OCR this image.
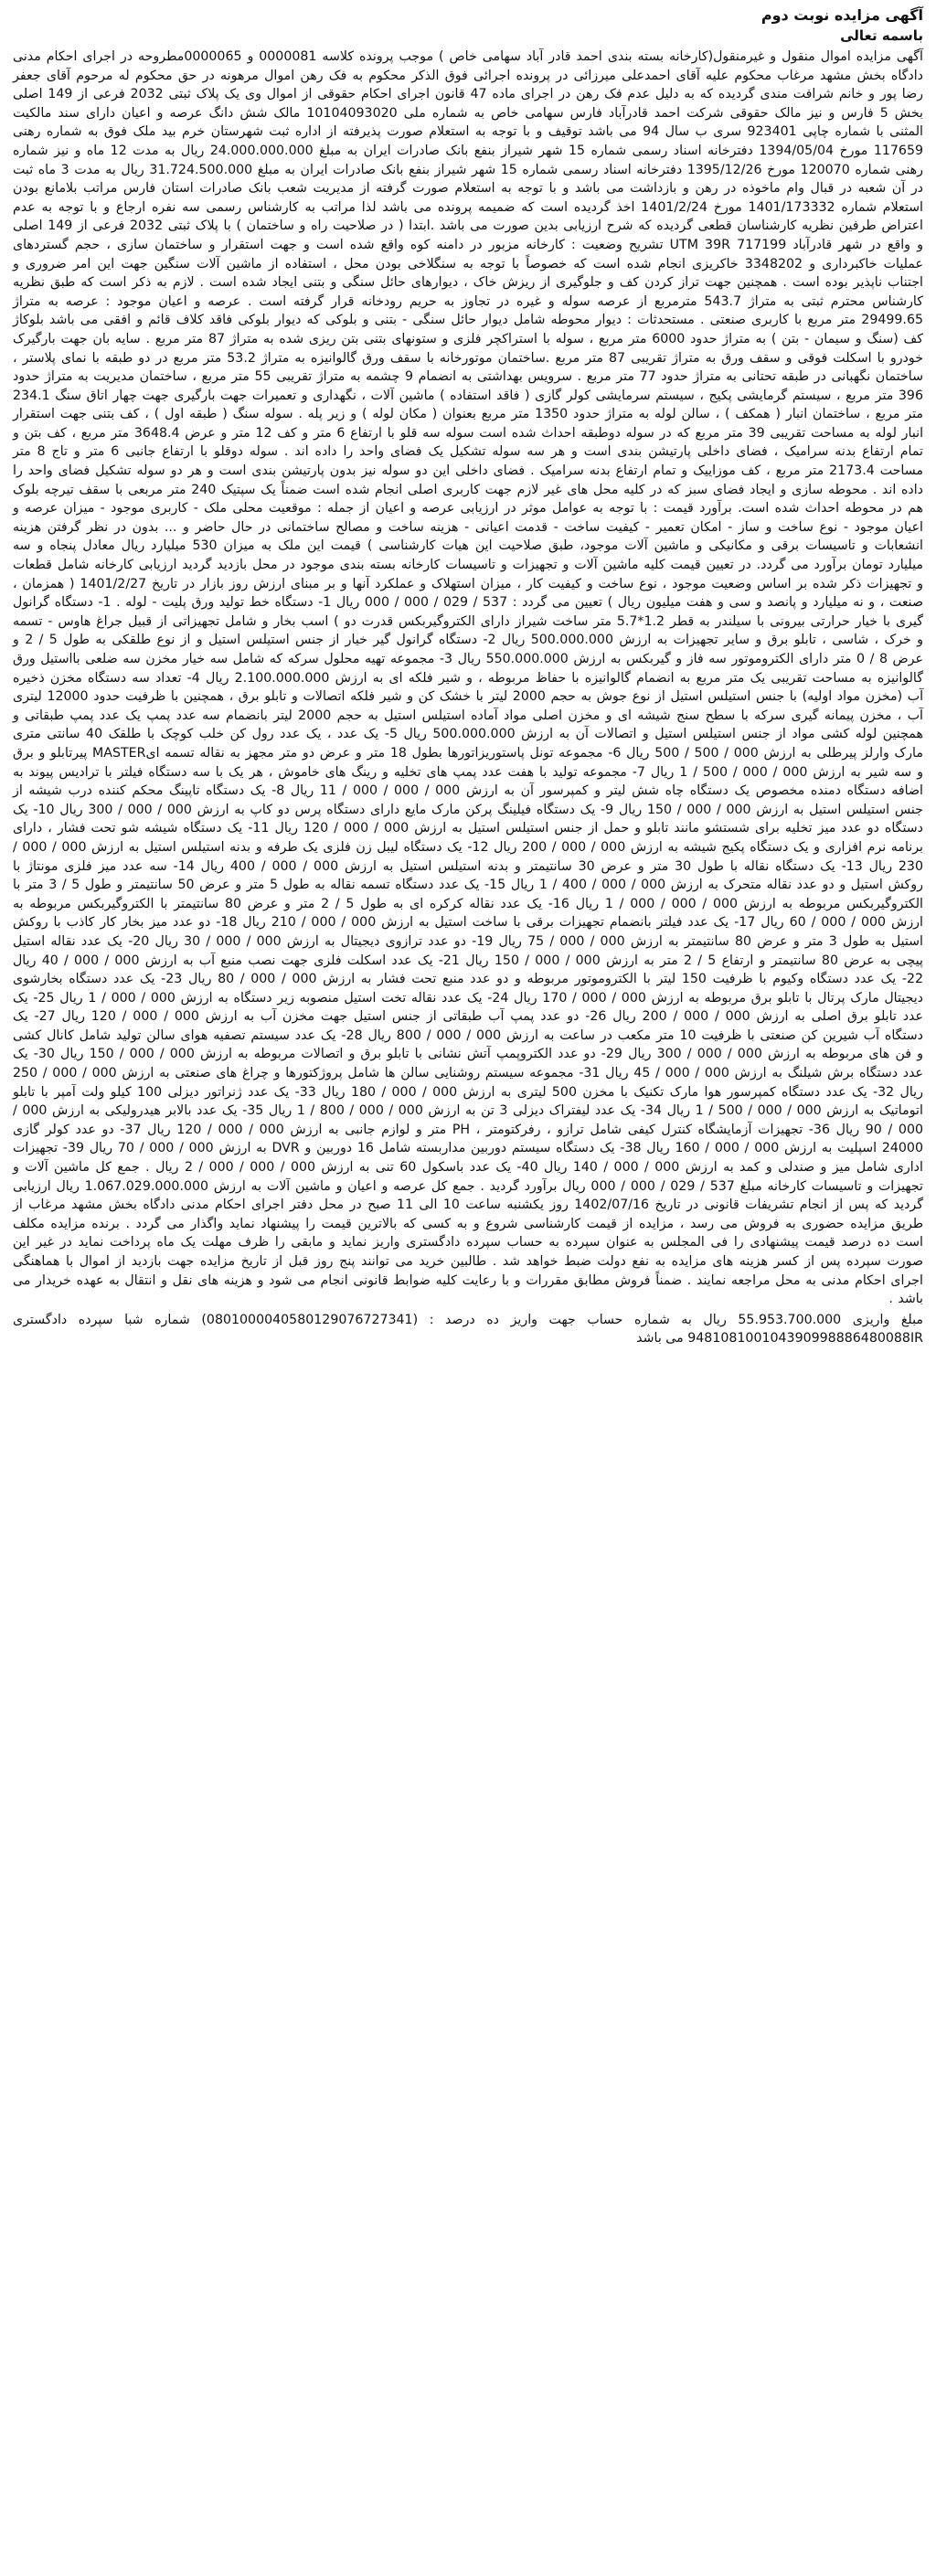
آگهی مزایده نوبت دوم

باسمه تعالی

آگهی مزایده اموال منقول و غیرمنقول(کارخانه بسته بندی احمد قادر آباد سهامی خاص ) موجب پرونده کلاسه 0000081 و 0000065مطروحه در اجرای احکام مدنی دادگاه بخش مشهد مرغاب محکوم علیه آقای احمدعلی میرزائی در پرونده اجرائی فوق الذکر محکوم به فک رهن اموال مرهونه در حق محکوم له مرحوم آقای جعفر رضا پور و خانم شرافت مندی گردیده که به دلیل عدم فک رهن در اجرای ماده 47 قانون اجرای احکام حقوقی از اموال وی یک پلاک ثبتی 2032 فرعی از 149 اصلی بخش 5 فارس و نیز مالک حقوقی شرکت احمد قادرآباد فارس سهامی خاص به شماره ملی 10104093020 مالک شش دانگ عرصه و اعیان دارای سند مالکیت المثنی با شماره چاپی 923401 سری ب سال 94 می باشد توقیف و با توجه به استعلام صورت پذیرفته از اداره ثبت شهرستان خرم بید ملک فوق به شماره رهنی 117659 مورخ 1394/05/04 دفترخانه اسناد رسمی شماره 15 شهر شیراز بنفع بانک صادرات ایران به مبلغ 24.000.000.000 ریال به مدت 12 ماه و نیز شماره رهنی شماره 120070 مورخ 1395/12/26 دفترخانه اسناد رسمی شماره 15 شهر شیراز بنفع بانک صادرات ایران به مبلغ 31.724.500.000 ریال به مدت 3 ماه ثبت در آن شعبه در قبال وام ماخوذه در رهن و بازداشت می باشد و با توجه به استعلام صورت گرفته از مدیریت شعب بانک صادرات استان فارس مراتب بلامانع بودن استعلام شماره 1401/173332 مورخ 1401/2/24 اخذ گردیده است که ضمیمه پرونده می باشد لذا مراتب به کارشناس رسمی سه نفره ارجاع و با توجه به عدم اعتراض طرفین نظریه کارشناسان قطعی گردیده که شرح ارزیابی بدین صورت می باشد .ابتدا ( در صلاحیت راه و ساختمان ) با پلاک ثبتی 2032 فرعی از 149 اصلی و واقع در شهر قادرآباد UTM 39R 717199 تشریح وضعیت : کارخانه مزبور در دامنه کوه واقع شده است و جهت استقرار و ساختمان سازی ، حجم گستردهای عملیات خاکبرداری و 3348202 خاکریزی انجام شده است که خصوصاً با توجه به سنگلاخی بودن محل ، استفاده از ماشین آلات سنگین جهت این امر ضروری و اجتناب ناپذیر بوده است . همچنین جهت تراز کردن کف و جلوگیری از ریزش خاک ، دیوارهای حائل سنگی و بتنی ایجاد شده است . لازم به ذکر است که طبق نظریه کارشناس محترم ثبتی به متراژ 543.7 مترمربع از عرصه سوله و غیره در تجاوز به حریم رودخانه قرار گرفته است . عرصه و اعیان موجود : عرصه به متراژ 29499.65 متر مربع با کاربری صنعتی . مستحدثات : دیوار محوطه شامل دیوار حائل سنگی - بتنی و بلوکی که دیوار بلوکی فاقد کلاف قائم و افقی می باشد بلوکاژ کف (سنگ و سیمان - بتن ) به متراژ حدود 6000 متر مربع ، سوله با استراکچر فلزی و ستونهای بتنی بتن ریزی شده به متراژ 87 متر مربع . سایه بان جهت بارگیرک خودرو با اسکلت فوقی و سقف ورق به متراژ تقریبی 87 متر مربع .ساختمان موتورخانه با سقف ورق گالوانیزه به متراژ 53.2 متر مربع در دو طبقه با نمای پلاستر ، ساختمان نگهبانی در طبقه تحتانی به متراژ حدود 77 متر مربع . سرویس بهداشتی به انضمام 9 چشمه به متراژ تقریبی 55 متر مربع ، ساختمان مدیریت به متراژ حدود 396 متر مربع ، سیستم گرمایشی پکیج ، سیستم سرمایشی کولر گازی ( فاقد استفاده ) ماشین آلات ، نگهداری و تعمیرات جهت بارگیری جهت چهار اتاق سنگ 234.1 متر مربع ، ساختمان انبار ( همکف ) ، سالن لوله به متراژ حدود 1350 متر مربع بعنوان ( مکان لوله ) و زیر پله . سوله سنگ ( طبقه اول ) ، کف بتنی جهت استقرار انبار لوله به مساحت تقریبی 39 متر مربع که در سوله دوطبقه احداث شده است سوله سه قلو با ارتفاع 6 متر و کف 12 متر و عرض 3648.4 متر مربع ، کف بتن و تمام ارتفاع بدنه سرامیک ، فضای داخلی پارتیشن بندی است و هر سه سوله تشکیل یک فضای واحد را داده اند . سوله دوقلو با ارتفاع جانبی 6 متر و تاج 8 متر مساحت 2173.4 متر مربع ، کف موزاییک و تمام ارتفاع بدنه سرامیک . فضای داخلی این دو سوله نیز بدون پارتیشن بندی است و هر دو سوله تشکیل فضای واحد را داده اند . محوطه سازی و ایجاد فضای سبز که در کلیه محل های غیر لازم جهت کاربری اصلی انجام شده است ضمناً یک سپتیک 240 متر مربعی با سقف تیرچه بلوک هم در محوطه احداث شده است. برآورد قیمت : با توجه به عوامل موثر در ارزیابی عرصه و اعیان از جمله : موقعیت محلی ملک - کاربری موجود - میزان عرصه و اعیان موجود - نوع ساخت و ساز - امکان تعمیر - کیفیت ساخت - قدمت اعیانی - هزینه ساخت و مصالح ساختمانی در حال حاضر و ... بدون در نظر گرفتن هزینه انشعابات و تاسیسات برقی و مکانیکی و ماشین آلات موجود، طبق صلاحیت این هیات کارشناسی ) قیمت این ملک به میزان 530 میلیارد ریال معادل پنجاه و سه میلیارد تومان برآورد می گردد. در تعیین قیمت کلیه ماشین آلات و تجهیزات و تاسیسات کارخانه بسته بندی موجود در محل بازدید گردید ارزیابی کارخانه شامل قطعات و تجهیزات ذکر شده بر اساس وضعیت موجود ، نوع ساخت و کیفیت کار ، میزان استهلاک و عملکرد آنها و بر مبنای ارزش روز بازار در تاریخ 1401/2/27 ( همزمان ، صنعت ، و نه میلیارد و پانصد و سی و هفت میلیون ریال ) تعیین می گردد : 537 / 029 / 000 / 000 ریال 1- دستگاه خط تولید ورق پلیت - لوله . 1- دستگاه گرانول گیری با خیار حرارتی بیرونی با سیلندر به قطر 1.2*5.7 متر ساخت شیراز دارای الکتروگیربکس قدرت دو ) اسب بخار و شامل تجهیزاتی از قبیل جراغ هاوس - تسمه و خرک ، شاسی ، تابلو برق و سایر تجهیزات به ارزش 500.000.000 ریال 2- دستگاه گرانول گیر خیار از جنس استیلس استیل و از نوع طلقکی به طول 5 / 2 و عرض 8 / 0 متر دارای الکتروموتور سه فاز و گیربکس به ارزش 550.000.000 ریال 3- مجموعه تهیه محلول سرکه که شامل سه خیار مخزن سه ضلعی بااستیل ورق گالوانیزه به مساحت تقریبی یک متر مربع به انضمام گالوانیزه با حفاظ مربوطه ، و شیر فلکه ای به ارزش 2.100.000.000 ریال 4- تعداد سه دستگاه مخزن ذخیره آب (مخزن مواد اولیه) با جنس استیلس استیل از نوع جوش به حجم 2000 لیتر با خشک کن و شیر فلکه اتصالات و تابلو برق ، همچنین با ظرفیت حدود 12000 لیتری آب ، مخزن پیمانه گیری سرکه با سطح سنج شیشه ای و مخزن اصلی مواد آماده استیلس استیل به حجم 2000 لیتر بانضمام سه عدد پمپ یک عدد پمپ طبقاتی و همچنین لوله کشی مواد از جنس استیلس استیل و اتصالات آن به ارزش 500.000.000 ریال 5- یک عدد ، یک عدد رول کن خلب کوچک با طلقک 40 سانتی متری مارک وارلز پیرطلی به ارزش 000 / 500 / 500 ریال 6- مجموعه تونل پاستوریزاتورها بطول 18 متر و عرض دو متر مجهز به نقاله تسمه ایMASTER پیرتابلو و برق و سه شیر به ارزش 000 / 000 / 500 / 1 ریال 7- مجموعه تولید با هفت عدد پمپ های تخلیه و رینگ های خاموش ، هر یک با سه دستگاه فیلتر با ترادیس پیوند به اضافه دستگاه دمنده مخصوص یک دستگاه چاه شش لیتر و کمپرسور آن به ارزش 000 / 000 / 000 / 11 ریال 8- یک دستگاه تاپینگ محکم کننده درب شیشه از جنس استیلس استیل به ارزش 000 / 000 / 150 ریال 9- یک دستگاه فیلینگ پرکن مارک مایع دارای دستگاه پرس دو کاپ به ارزش 000 / 000 / 300 ریال 10- یک دستگاه دو عدد میز تخلیه برای شستشو مانند تابلو و حمل از جنس استیلس استیل به ارزش 000 / 000 / 120 ریال 11- یک دستگاه شیشه شو تحت فشار ، دارای برنامه نرم افزاری و یک دستگاه پکیج شیشه به ارزش 000 / 000 / 200 ریال 12- یک دستگاه لیبل زن فلزی یک طرفه و بدنه استیلس استیل به ارزش 000 / 000 / 230 ریال 13- یک دستگاه نقاله با طول 30 متر و عرض 30 سانتیمتر و بدنه استیلس استیل به ارزش 000 / 000 / 400 ریال 14- سه عدد میز فلزی مونتاژ با روکش استیل و دو عدد نقاله متحرک به ارزش 000 / 000 / 400 / 1 ریال 15- یک عدد دستگاه تسمه نقاله به طول 5 متر و عرض 50 سانتیمتر و طول 5 / 3 متر با الکتروگیربکس مربوطه به ارزش 000 / 000 / 000 / 1 ریال 16- یک عدد نقاله کرکره ای به طول 5 / 2 متر و عرض 80 سانتیمتر با الکتروگیربکس مربوطه به ارزش 000 / 000 / 60 ریال 17- یک عدد فیلتر بانضمام تجهیزات برقی با ساخت استیل به ارزش 000 / 000 / 210 ریال 18- دو عدد میز بخار کار کاذب با روکش استیل به طول 3 متر و عرض 80 سانتیمتر به ارزش 000 / 000 / 75 ریال 19- دو عدد ترازوی دیجیتال به ارزش 000 / 000 / 30 ریال 20- یک عدد نقاله استیل پیچی به عرض 80 سانتیمتر و ارتفاع 5 / 2 متر به ارزش 000 / 000 / 150 ریال 21- یک عدد اسکلت فلزی جهت نصب منبع آب به ارزش 000 / 000 / 40 ریال 22- یک عدد دستگاه وکیوم با ظرفیت 150 لیتر با الکتروموتور مربوطه و دو عدد منبع تحت فشار به ارزش 000 / 000 / 80 ریال 23- یک عدد دستگاه بخارشوی دیجیتال مارک پرتال با تابلو برق مربوطه به ارزش 000 / 000 / 170 ریال 24- یک عدد نقاله تخت استیل منصوبه زیر دستگاه به ارزش 000 / 000 / 1 ریال 25- یک عدد تابلو برق اصلی به ارزش 000 / 000 / 200 ریال 26- دو عدد پمپ آب طبقاتی از جنس استیل جهت مخزن آب به ارزش 000 / 000 / 120 ریال 27- یک دستگاه آب شیرین کن صنعتی با ظرفیت 10 متر مکعب در ساعت به ارزش 000 / 000 / 800 ریال 28- یک عدد سیستم تصفیه هوای سالن تولید شامل کانال کشی و فن های مربوطه به ارزش 000 / 000 / 300 ریال 29- دو عدد الکتروپمپ آتش نشانی با تابلو برق و اتصالات مربوطه به ارزش 000 / 000 / 150 ریال 30- یک عدد دستگاه برش شیلنگ به ارزش 000 / 000 / 45 ریال 31- مجموعه سیستم روشنایی سالن ها شامل پروژکتورها و چراغ های صنعتی به ارزش 000 / 000 / 250 ریال 32- یک عدد دستگاه کمپرسور هوا مارک تکنیک با مخزن 500 لیتری به ارزش 000 / 000 / 180 ریال 33- یک عدد ژنراتور دیزلی 100 کیلو ولت آمپر با تابلو اتوماتیک به ارزش 000 / 000 / 500 / 1 ریال 34- یک عدد لیفتراک دیزلی 3 تن به ارزش 000 / 000 / 800 / 1 ریال 35- یک عدد بالابر هیدرولیکی به ارزش 000 / 000 / 90 ریال 36- تجهیزات آزمایشگاه کنترل کیفی شامل ترازو ، رفرکتومتر ، PH متر و لوازم جانبی به ارزش 000 / 000 / 120 ریال 37- دو عدد کولر گازی 24000 اسپلیت به ارزش 000 / 000 / 160 ریال 38- یک دستگاه سیستم دوربین مداربسته شامل 16 دوربین و DVR به ارزش 000 / 000 / 70 ریال 39- تجهیزات اداری شامل میز و صندلی و کمد به ارزش 000 / 000 / 140 ریال 40- یک عدد باسکول 60 تنی به ارزش 000 / 000 / 000 / 2 ریال . جمع کل ماشین آلات و تجهیزات و تاسیسات کارخانه مبلغ 537 / 029 / 000 / 000 ریال برآورد گردید . جمع کل عرصه و اعیان و ماشین آلات به ارزش 1.067.029.000.000 ریال ارزیابی گردید که پس از انجام تشریفات قانونی در تاریخ 1402/07/16 روز یکشنبه ساعت 10 الی 11 صبح در محل دفتر اجرای احکام مدنی دادگاه بخش مشهد مرغاب از طریق مزایده حضوری به فروش می رسد ، مزایده از قیمت کارشناسی شروع و به کسی که بالاترین قیمت را پیشنهاد نماید واگذار می گردد . برنده مزایده مکلف است ده درصد قیمت پیشنهادی را فی المجلس به عنوان سپرده به حساب سپرده دادگستری واریز نماید و مابقی را ظرف مهلت یک ماه پرداخت نماید در غیر این صورت سپرده پس از کسر هزینه های مزایده به نفع دولت ضبط خواهد شد . طالبین خرید می توانند پنج روز قبل از تاریخ مزایده جهت بازدید از اموال با هماهنگی اجرای احکام مدنی به محل مراجعه نمایند . ضمناً فروش مطابق مقررات و با رعایت کلیه ضوابط قانونی انجام می شود و هزینه های نقل و انتقال به عهده خریدار می باشد .

مبلغ واریزی 55.953.700.000 ریال به شماره حساب جهت واریز ده درصد : (0801000040580129076727341) شماره شبا سپرده دادگستری 948108100104390998886480088IR می باشد
